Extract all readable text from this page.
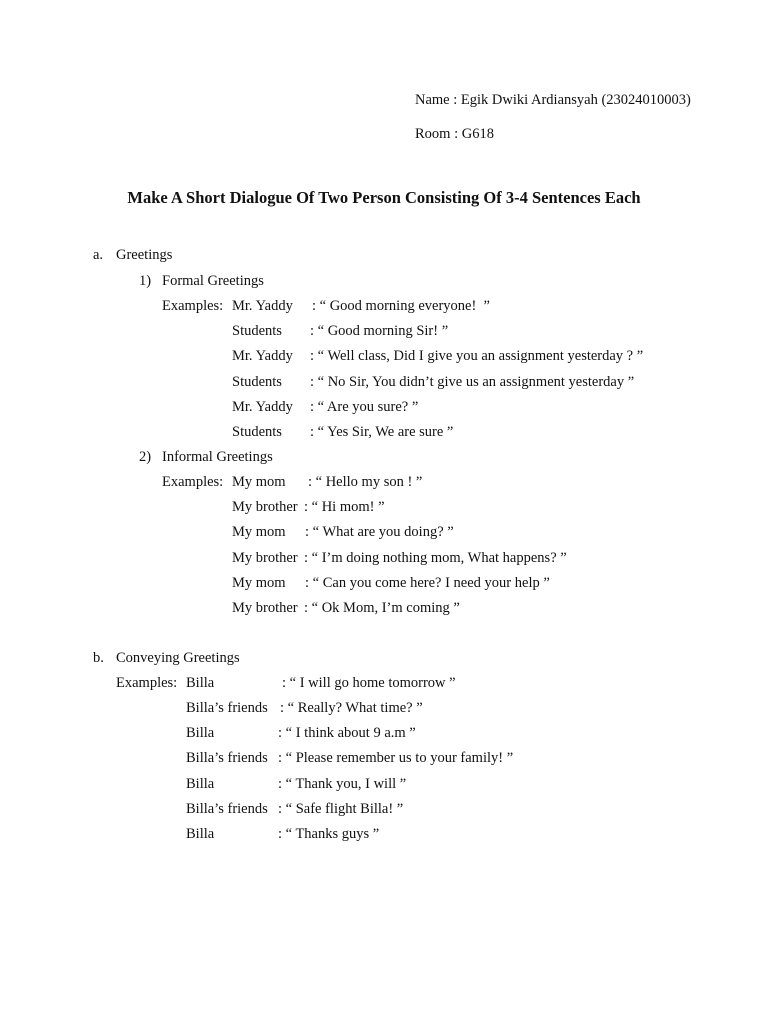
Name : Egik Dwiki Ardiansyah (23024010003)
Room : G618
Make A Short Dialogue Of Two Person Consisting Of 3-4 Sentences Each
a. Greetings
1) Formal Greetings
Examples: Mr. Yaddy : “ Good morning everyone!  ”
Students : “ Good morning Sir! ”
Mr. Yaddy : “ Well class, Did I give you an assignment yesterday ? ”
Students : “ No Sir, You didn’t give us an assignment yesterday ”
Mr. Yaddy : “ Are you sure? ”
Students : “ Yes Sir, We are sure ”
2) Informal Greetings
Examples: My mom : “ Hello my son ! ”
My brother : “ Hi mom! ”
My mom : “ What are you doing? ”
My brother : “ I’m doing nothing mom, What happens? ”
My mom : “ Can you come here? I need your help ”
My brother : “ Ok Mom, I’m coming ”
b. Conveying Greetings
Examples: Billa	: “ I will go home tomorrow ”
Billa’s friends : “ Really? What time? ”
Billa	: “ I think about 9 a.m ”
Billa’s friends : “ Please remember us to your family! ”
Billa	: “ Thank you, I will ”
Billa’s friends : “ Safe flight Billa! ”
Billa	: “ Thanks guys ”
